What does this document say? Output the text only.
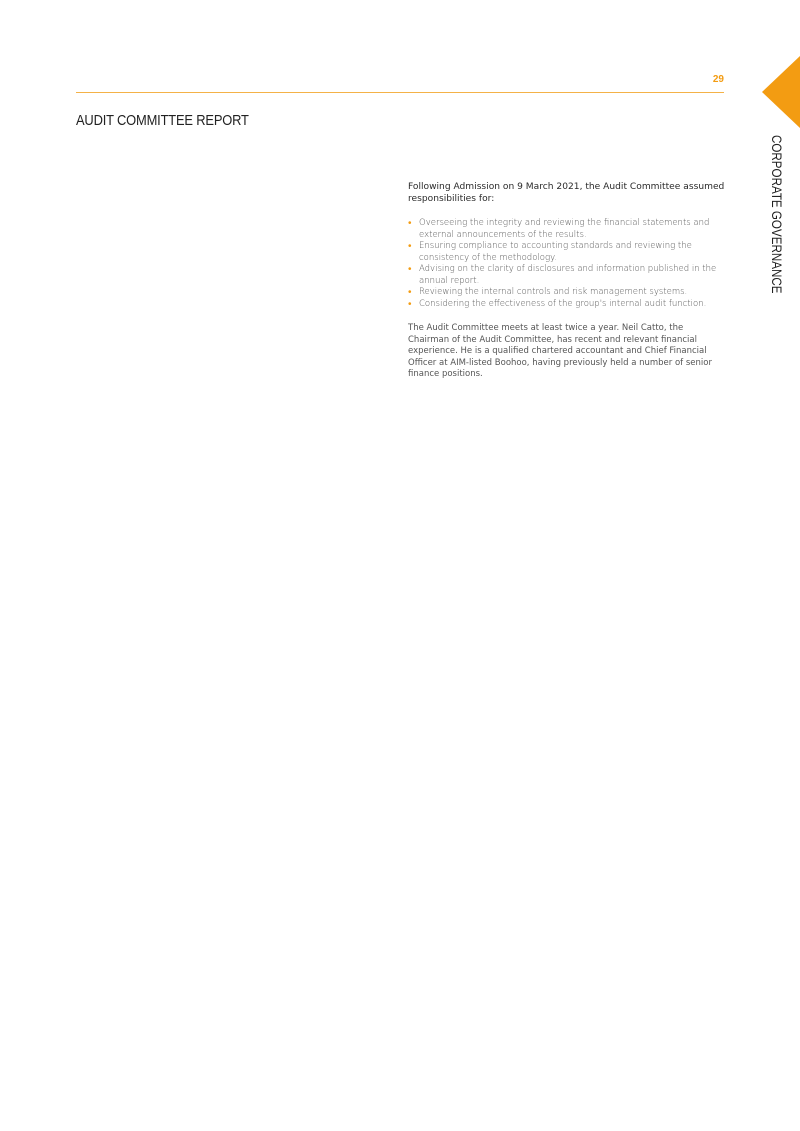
29
AUDIT COMMITTEE REPORT
CORPORATE GOVERNANCE

Following Admission on 9 March 2021, the Audit Committee assumed responsibilities for:

• Overseeing the integrity and reviewing the financial statements and external announcements of the results.
• Ensuring compliance to accounting standards and reviewing the consistency of the methodology.
• Advising on the clarity of disclosures and information published in the annual report.
• Reviewing the internal controls and risk management systems.
• Considering the effectiveness of the group's internal audit function.

The Audit Committee meets at least twice a year. Neil Catto, the Chairman of the Audit Committee, has recent and relevant financial experience. He is a qualified chartered accountant and Chief Financial Officer at AIM-listed Boohoo, having previously held a number of senior finance positions.
